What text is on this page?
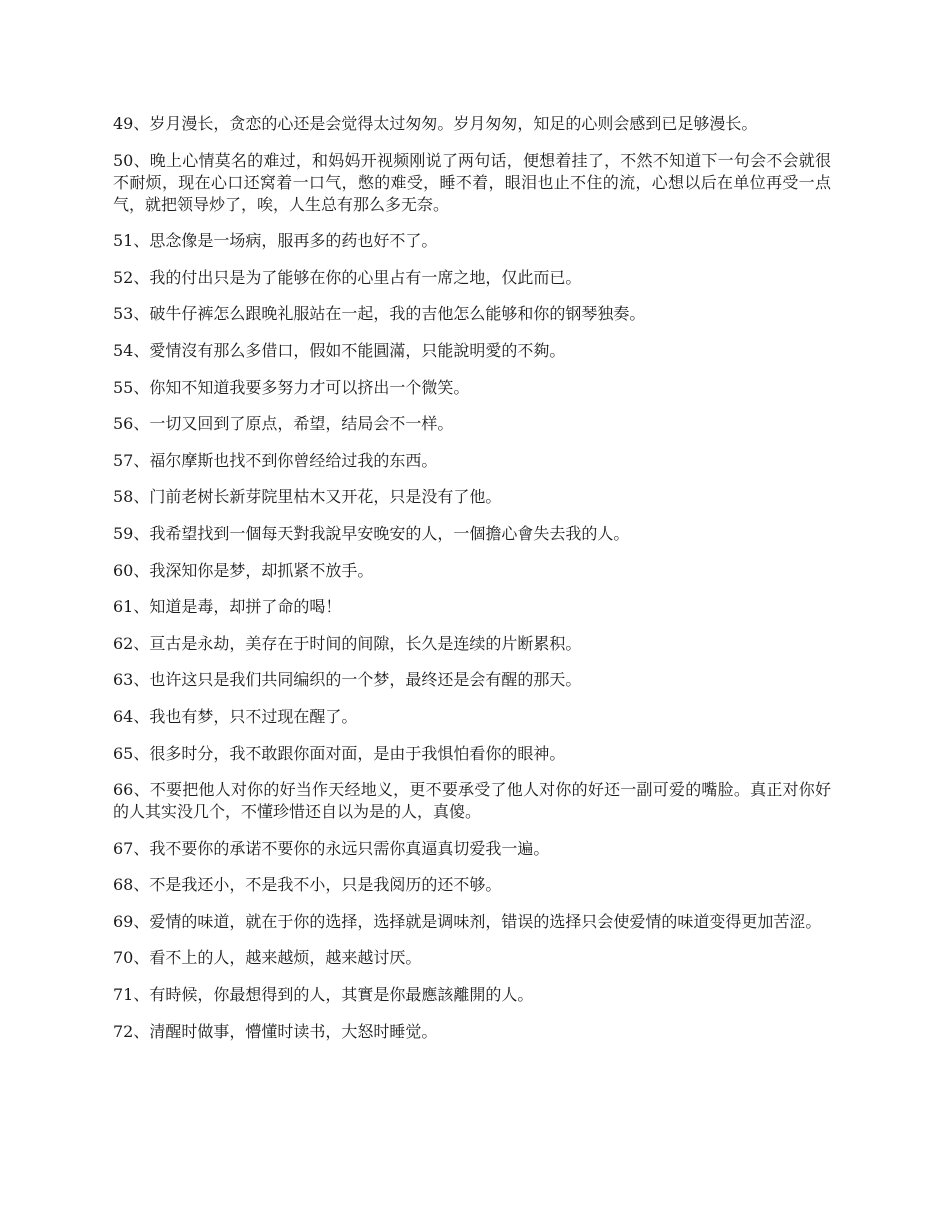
49、岁月漫长，贪恋的心还是会觉得太过匆匆。岁月匆匆，知足的心则会感到已足够漫长。

50、晚上心情莫名的难过，和妈妈开视频刚说了两句话，便想着挂了，不然不知道下一句会不会就很不耐烦，现在心口还窝着一口气，憋的难受，睡不着，眼泪也止不住的流，心想以后在单位再受一点气，就把领导炒了，唉，人生总有那么多无奈。

51、思念像是一场病，服再多的药也好不了。

52、我的付出只是为了能够在你的心里占有一席之地，仅此而已。

53、破牛仔裤怎么跟晚礼服站在一起，我的吉他怎么能够和你的钢琴独奏。

54、愛情沒有那么多借口，假如不能圓滿，只能說明愛的不夠。

55、你知不知道我要多努力才可以挤出一个微笑。

56、一切又回到了原点，希望，结局会不一样。

57、福尔摩斯也找不到你曾经给过我的东西。

58、门前老树长新芽院里枯木又开花，只是没有了他。

59、我希望找到一個每天對我說早安晚安的人，一個擔心會失去我的人。

60、我深知你是梦，却抓紧不放手。

61、知道是毒，却拼了命的喝！

62、亘古是永劫，美存在于时间的间隙，长久是连续的片断累积。

63、也许这只是我们共同编织的一个梦，最终还是会有醒的那天。

64、我也有梦，只不过现在醒了。

65、很多时分，我不敢跟你面对面，是由于我惧怕看你的眼神。

66、不要把他人对你的好当作天经地义，更不要承受了他人对你的好还一副可爱的嘴脸。真正对你好的人其实没几个，不懂珍惜还自以为是的人，真傻。

67、我不要你的承诺不要你的永远只需你真逼真切爱我一遍。

68、不是我还小，不是我不小，只是我阅历的还不够。

69、爱情的味道，就在于你的选择，选择就是调味剂，错误的选择只会使爱情的味道变得更加苦涩。

70、看不上的人，越来越烦，越来越讨厌。

71、有時候，你最想得到的人，其實是你最應該離開的人。

72、清醒时做事，懵懂时读书，大怒时睡觉。
